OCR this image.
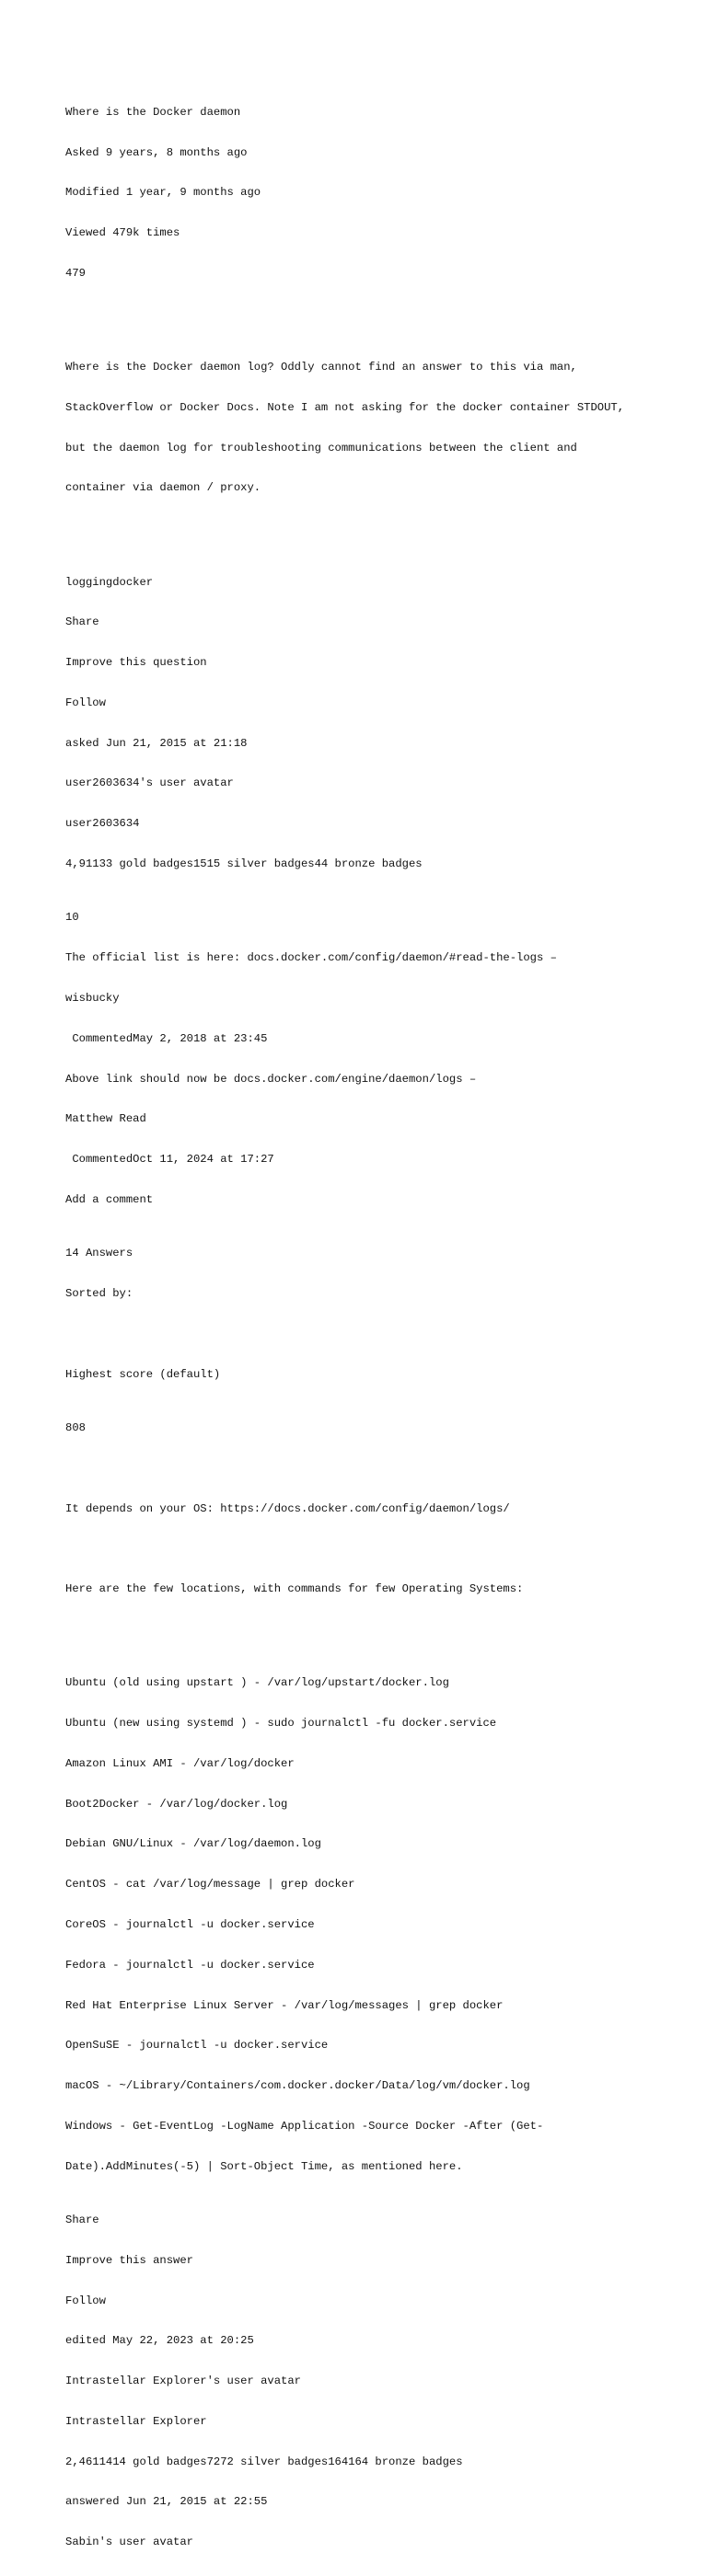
Where is the Docker daemon

Asked 9 years, 8 months ago

Modified 1 year, 9 months ago

Viewed 479k times

479

Where is the Docker daemon log? Oddly cannot find an answer to this via man,

StackOverflow or Docker Docs. Note I am not asking for the docker container STDOUT,

but the daemon log for troubleshooting communications between the client and

container via daemon / proxy.

loggingdocker

Share

Improve this question

Follow

asked Jun 21, 2015 at 21:18

user2603634's user avatar

user2603634

4,91133 gold badges1515 silver badges44 bronze badges

10

The official list is here: docs.docker.com/config/daemon/#read-the-logs –

wisbucky

CommentedMay 2, 2018 at 23:45

Above link should now be docs.docker.com/engine/daemon/logs –

Matthew Read

CommentedOct 11, 2024 at 17:27

Add a comment

14 Answers

Sorted by:

Highest score (default)

808

It depends on your OS: https://docs.docker.com/config/daemon/logs/

Here are the few locations, with commands for few Operating Systems:

Ubuntu (old using upstart ) - /var/log/upstart/docker.log

Ubuntu (new using systemd ) - sudo journalctl -fu docker.service

Amazon Linux AMI - /var/log/docker

Boot2Docker - /var/log/docker.log

Debian GNU/Linux - /var/log/daemon.log

CentOS - cat /var/log/message | grep docker

CoreOS - journalctl -u docker.service

Fedora - journalctl -u docker.service

Red Hat Enterprise Linux Server - /var/log/messages | grep docker

OpenSuSE - journalctl -u docker.service

macOS - ~/Library/Containers/com.docker.docker/Data/log/vm/docker.log

Windows - Get-EventLog -LogName Application -Source Docker -After (Get-

Date).AddMinutes(-5) | Sort-Object Time, as mentioned here.

Share

Improve this answer

Follow

edited May 22, 2023 at 20:25

Intrastellar Explorer's user avatar

Intrastellar Explorer

2,4611414 gold badges7272 silver badges164164 bronze badges

answered Jun 21, 2015 at 22:55

Sabin's user avatar
